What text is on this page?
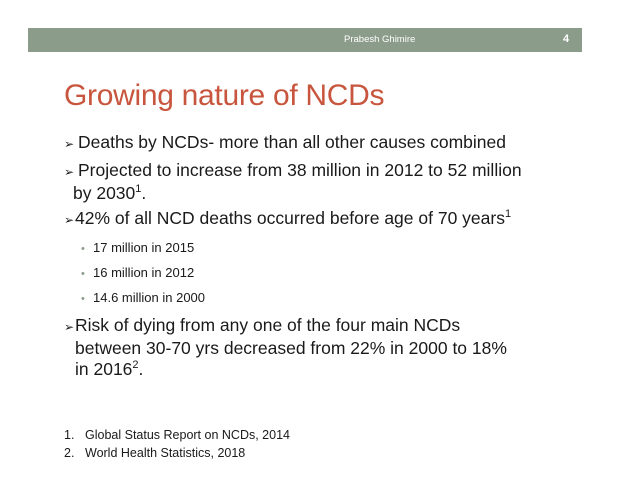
Prabesh Ghimire	4
Growing nature of NCDs
➢ Deaths by NCDs- more than all other causes combined
➢ Projected to increase from 38 million in 2012 to 52 million
by 2030$^1$.
➢42% of all NCD deaths occurred before age of 70 years$^1$
• 17 million in 2015
• 16 million in 2012
• 14.6 million in 2000
➢Risk of dying from any one of the four main NCDs
between 30-70 yrs decreased from 22% in 2000 to 18%
in 2016$^2$.
1. Global Status Report on NCDs, 2014
2. World Health Statistics, 2018
